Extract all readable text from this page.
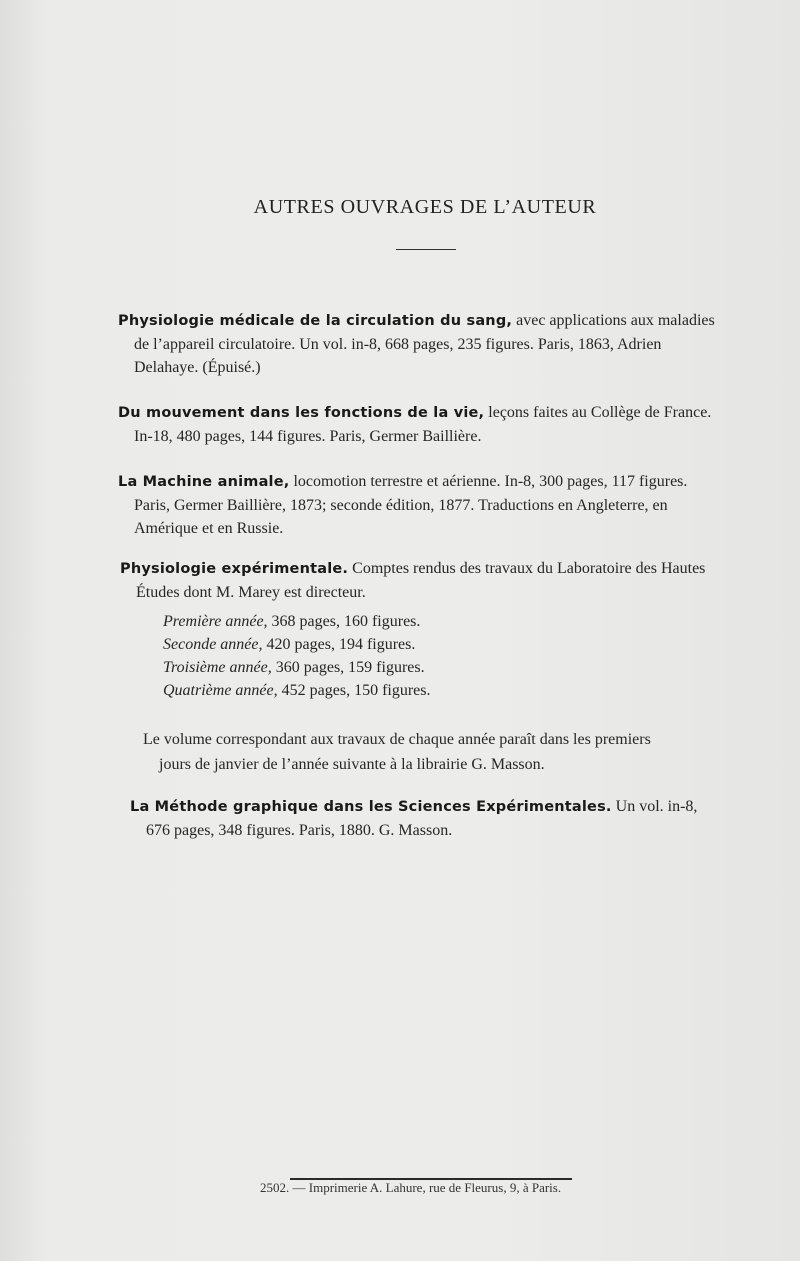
AUTRES OUVRAGES DE L’AUTEUR
Physiologie médicale de la circulation du sang, avec applications aux maladies
de l’appareil circulatoire. Un vol. in-8, 668 pages, 235 figures. Paris, 1863, Adrien
Delahaye. (Épuisé.)
Du mouvement dans les fonctions de la vie, leçons faites au Collège de France.
In-18, 480 pages, 144 figures. Paris, Germer Baillière.
La Machine animale, locomotion terrestre et aérienne. In-8, 300 pages, 117 figures.
Paris, Germer Baillière, 1873; seconde édition, 1877. Traductions en Angleterre, en
Amérique et en Russie.
Physiologie expérimentale. Comptes rendus des travaux du Laboratoire des Hautes
Études dont M. Marey est directeur.
Première année, 368 pages, 160 figures.
Seconde année, 420 pages, 194 figures.
Troisième année, 360 pages, 159 figures.
Quatrième année, 452 pages, 150 figures.
Le volume correspondant aux travaux de chaque année paraît dans les premiers
jours de janvier de l’année suivante à la librairie G. Masson.
La Méthode graphique dans les Sciences Expérimentales. Un vol. in-8,
676 pages, 348 figures. Paris, 1880. G. Masson.
2502. — Imprimerie A. Lahure, rue de Fleurus, 9, à Paris.
